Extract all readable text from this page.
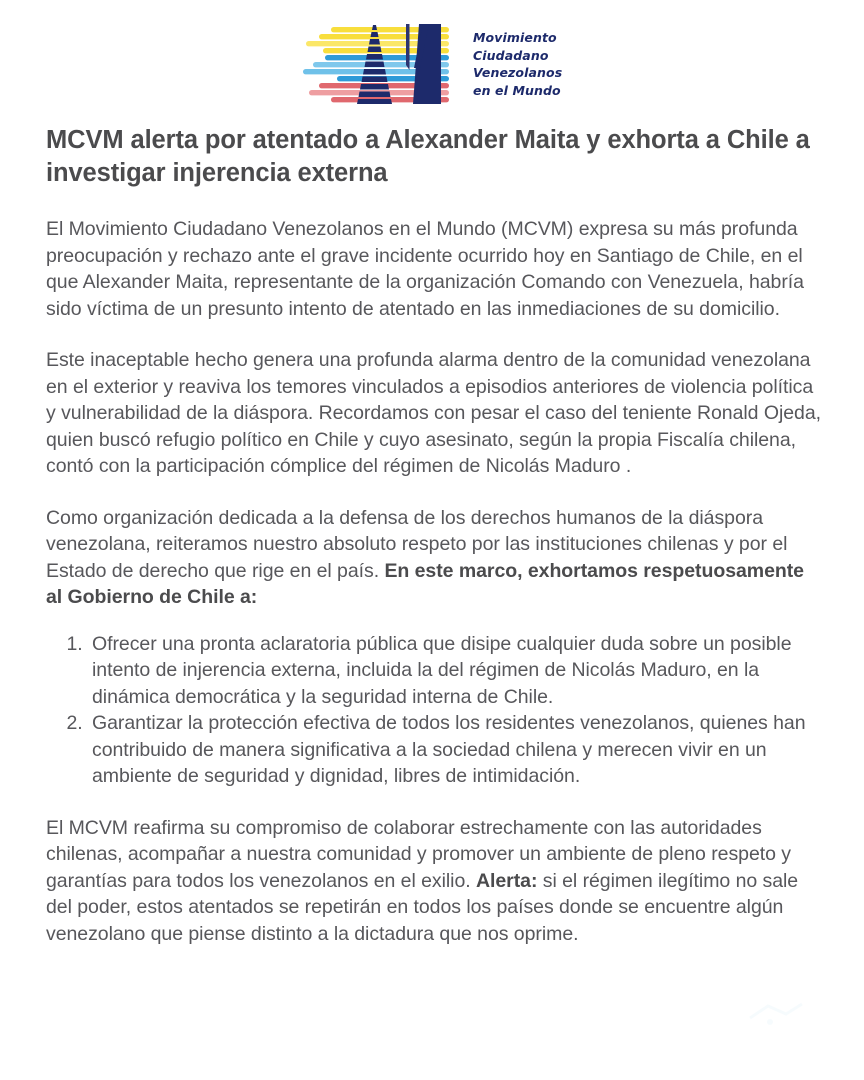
Movimiento
Ciudadano
Venezolanos
en el Mundo
MCVM alerta por atentado a Alexander Maita y exhorta a Chile a investigar injerencia externa

El Movimiento Ciudadano Venezolanos en el Mundo (MCVM) expresa su más profunda preocupación y rechazo ante el grave incidente ocurrido hoy en Santiago de Chile, en el que Alexander Maita, representante de la organización Comando con Venezuela, habría sido víctima de un presunto intento de atentado en las inmediaciones de su domicilio.

Este inaceptable hecho genera una profunda alarma dentro de la comunidad venezolana en el exterior y reaviva los temores vinculados a episodios anteriores de violencia política y vulnerabilidad de la diáspora. Recordamos con pesar el caso del teniente Ronald Ojeda, quien buscó refugio político en Chile y cuyo asesinato, según la propia Fiscalía chilena, contó con la participación cómplice del régimen de Nicolás Maduro .

Como organización dedicada a la defensa de los derechos humanos de la diáspora venezolana, reiteramos nuestro absoluto respeto por las instituciones chilenas y por el Estado de derecho que rige en el país. En este marco, exhortamos respetuosamente al Gobierno de Chile a:

1. Ofrecer una pronta aclaratoria pública que disipe cualquier duda sobre un posible intento de injerencia externa, incluida la del régimen de Nicolás Maduro, en la dinámica democrática y la seguridad interna de Chile.
2. Garantizar la protección efectiva de todos los residentes venezolanos, quienes han contribuido de manera significativa a la sociedad chilena y merecen vivir en un ambiente de seguridad y dignidad, libres de intimidación.

El MCVM reafirma su compromiso de colaborar estrechamente con las autoridades chilenas, acompañar a nuestra comunidad y promover un ambiente de pleno respeto y garantías para todos los venezolanos en el exilio. Alerta: si el régimen ilegítimo no sale del poder, estos atentados se repetirán en todos los países donde se encuentre algún venezolano que piense distinto a la dictadura que nos oprime.
